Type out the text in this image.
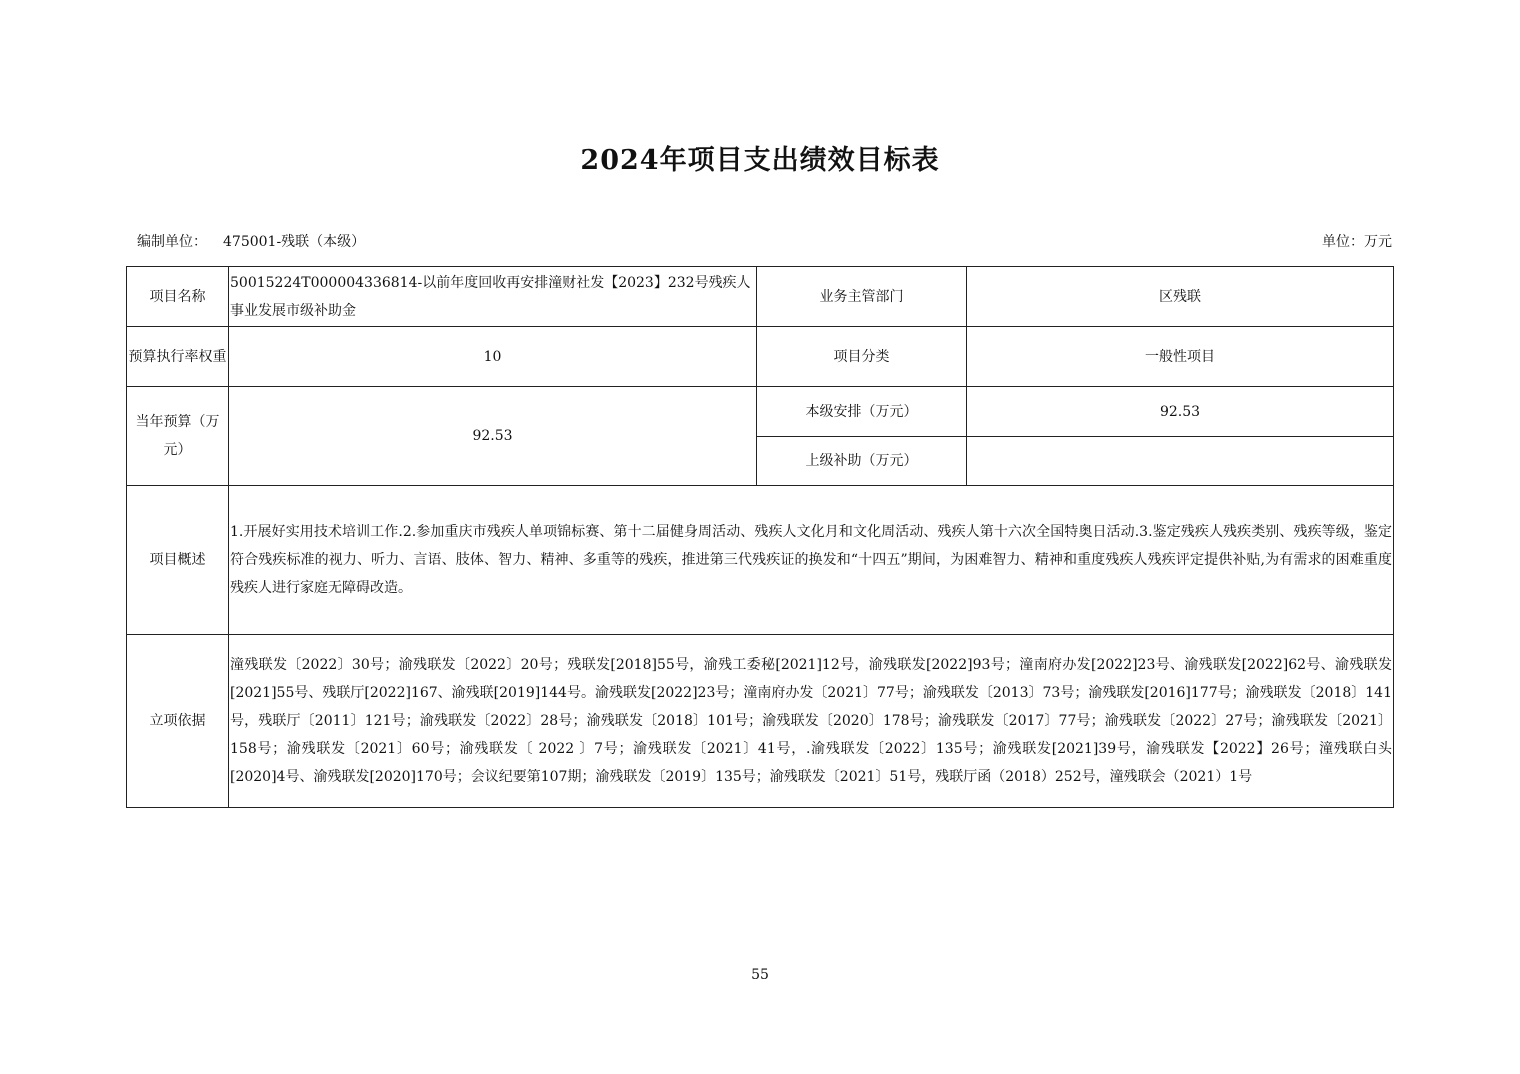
2024年项目支出绩效目标表
编制单位： 475001-残联（本级）	单位：万元
项目名称	50015224T000004336814-以前年度回收再安排潼财社发【2023】232号残疾人事业发展市级补助金	业务主管部门	区残联
预算执行率权重	10	项目分类	一般性项目
当年预算（万元）	92.53	本级安排（万元）	92.53
		上级补助（万元）	
项目概述	1.开展好实用技术培训工作.2.参加重庆市残疾人单项锦标赛、第十二届健身周活动、残疾人文化月和文化周活动、残疾人第十六次全国特奥日活动.3.鉴定残疾人残疾类别、残疾等级，鉴定符合残疾标准的视力、听力、言语、肢体、智力、精神、多重等的残疾，推进第三代残疾证的换发和“十四五”期间，为困难智力、精神和重度残疾人残疾评定提供补贴,为有需求的困难重度残疾人进行家庭无障碍改造。		
立项依据	潼残联发〔2022〕30号；渝残联发〔2022〕20号；残联发[2018]55号，渝残工委秘[2021]12号，渝残联发[2022]93号；潼南府办发[2022]23号、渝残联发[2022]62号、渝残联发[2021]55号、残联厅[2022]167、渝残联[2019]144号。渝残联发[2022]23号；潼南府办发〔2021〕77号；渝残联发〔2013〕73号；渝残联发[2016]177号；渝残联发〔2018〕141号，残联厅〔2011〕121号；渝残联发〔2022〕28号；渝残联发〔2018〕101号；渝残联发〔2020〕178号；渝残联发〔2017〕77号；渝残联发〔2022〕27号；渝残联发〔2021〕158号；渝残联发〔2021〕60号；渝残联发〔 2022 〕7号；渝残联发〔2021〕41号，.渝残联发〔2022〕135号；渝残联发[2021]39号，渝残联发【2022】26号；潼残联白头[2020]4号、渝残联发[2020]170号；会议纪要第107期；渝残联发〔2019〕135号；渝残联发〔2021〕51号，残联厅函（2018）252号，潼残联会（2021）1号		
55
